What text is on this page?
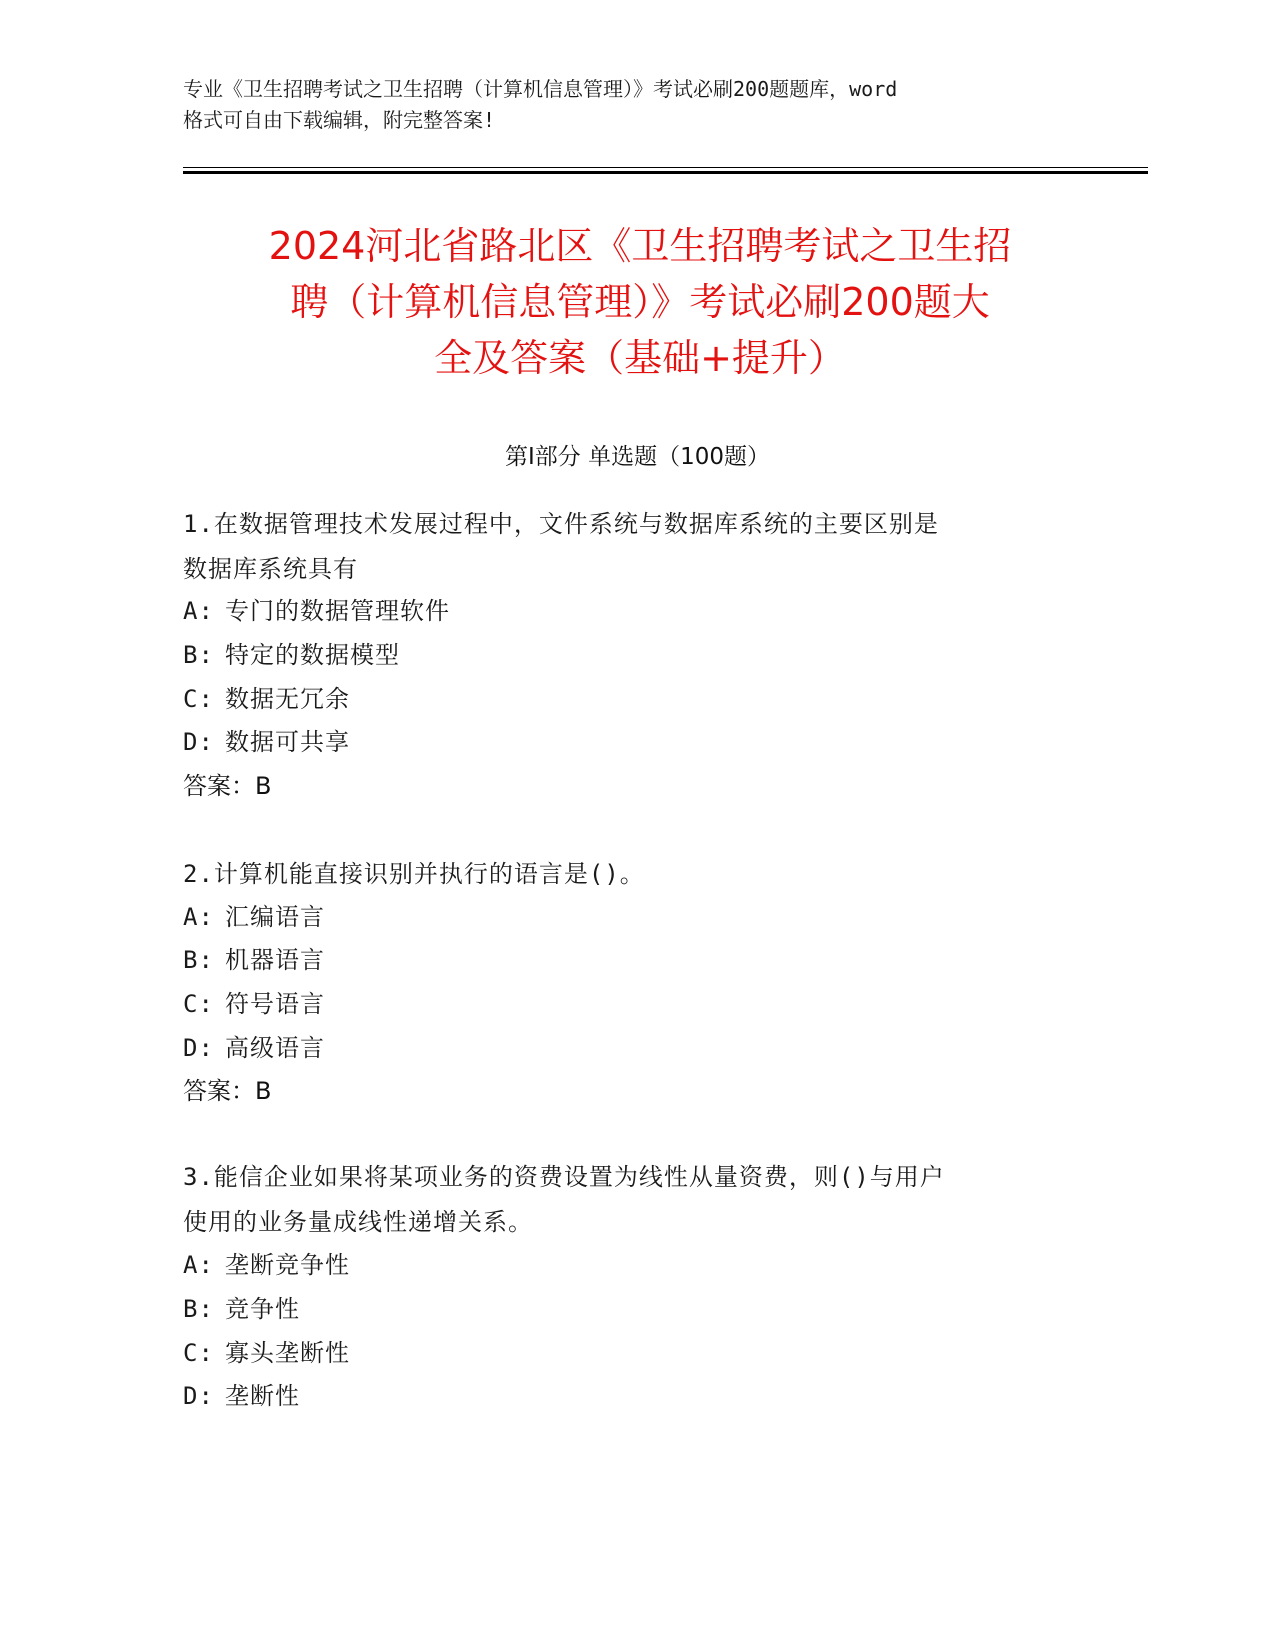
专业《卫生招聘考试之卫生招聘（计算机信息管理）》考试必刷200题题库，word
格式可自由下载编辑，附完整答案!
2024河北省路北区《卫生招聘考试之卫生招
聘（计算机信息管理）》考试必刷200题大
全及答案（基础+提升）
第I部分 单选题（100题）
1.在数据管理技术发展过程中，文件系统与数据库系统的主要区别是
数据库系统具有
A: 专门的数据管理软件
B: 特定的数据模型
C: 数据无冗余
D: 数据可共享
答案：B
2.计算机能直接识别并执行的语言是()。
A: 汇编语言
B: 机器语言
C: 符号语言
D: 高级语言
答案：B
3.能信企业如果将某项业务的资费设置为线性从量资费，则()与用户
使用的业务量成线性递增关系。
A: 垄断竞争性
B: 竞争性
C: 寡头垄断性
D: 垄断性
